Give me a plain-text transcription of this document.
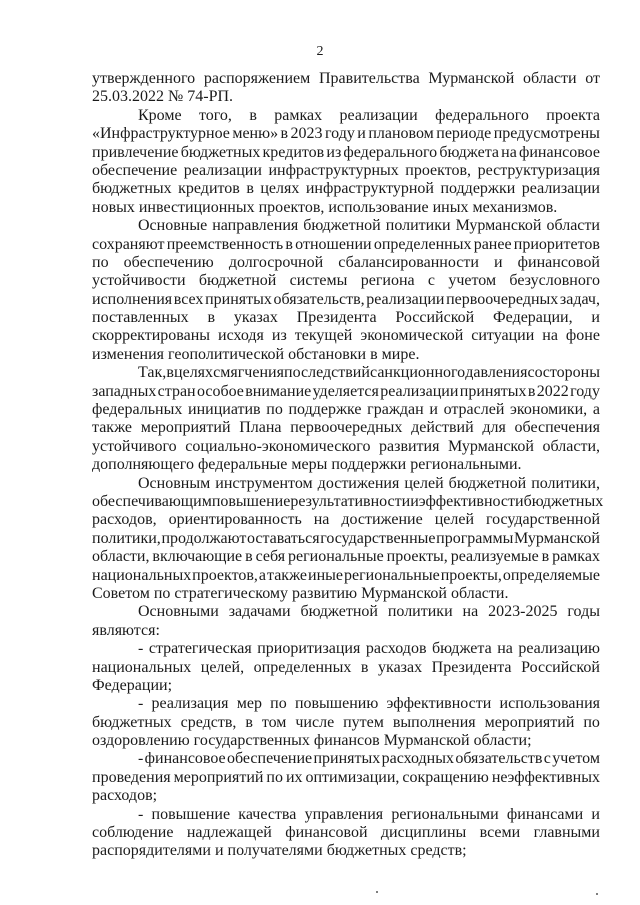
2
утвержденного распоряжением Правительства Мурманской области от
25.03.2022 № 74-РП.
Кроме того, в рамках реализации федерального проекта
«Инфраструктурное меню» в 2023 году и плановом периоде предусмотрены
привлечение бюджетных кредитов из федерального бюджета на финансовое
обеспечение реализации инфраструктурных проектов, реструктуризация
бюджетных кредитов в целях инфраструктурной поддержки реализации
новых инвестиционных проектов, использование иных механизмов.
Основные направления бюджетной политики Мурманской области
сохраняют преемственность в отношении определенных ранее приоритетов
по обеспечению долгосрочной сбалансированности и финансовой
устойчивости бюджетной системы региона с учетом безусловного
исполнения всех принятых обязательств, реализации первоочередных задач,
поставленных в указах Президента Российской Федерации, и
скорректированы исходя из текущей экономической ситуации на фоне
изменения геополитической обстановки в мире.
Так, в целях смягчения последствий санкционного давления со стороны
западных стран особое внимание уделяется реализации принятых в 2022 году
федеральных инициатив по поддержке граждан и отраслей экономики, а
также мероприятий Плана первоочередных действий для обеспечения
устойчивого социально-экономического развития Мурманской области,
дополняющего федеральные меры поддержки региональными.
Основным инструментом достижения целей бюджетной политики,
обеспечивающим повышение результативности и эффективности бюджетных
расходов, ориентированность на достижение целей государственной
политики, продолжают оставаться государственные программы Мурманской
области, включающие в себя региональные проекты, реализуемые в рамках
национальных проектов, а также иные региональные проекты, определяемые
Советом по стратегическому развитию Мурманской области.
Основными задачами бюджетной политики на 2023-2025 годы
являются:
- стратегическая приоритизация расходов бюджета на реализацию
национальных целей, определенных в указах Президента Российской
Федерации;
- реализация мер по повышению эффективности использования
бюджетных средств, в том числе путем выполнения мероприятий по
оздоровлению государственных финансов Мурманской области;
- финансовое обеспечение принятых расходных обязательств с учетом
проведения мероприятий по их оптимизации, сокращению неэффективных
расходов;
- повышение качества управления региональными финансами и
соблюдение надлежащей финансовой дисциплины всеми главными
распорядителями и получателями бюджетных средств;
